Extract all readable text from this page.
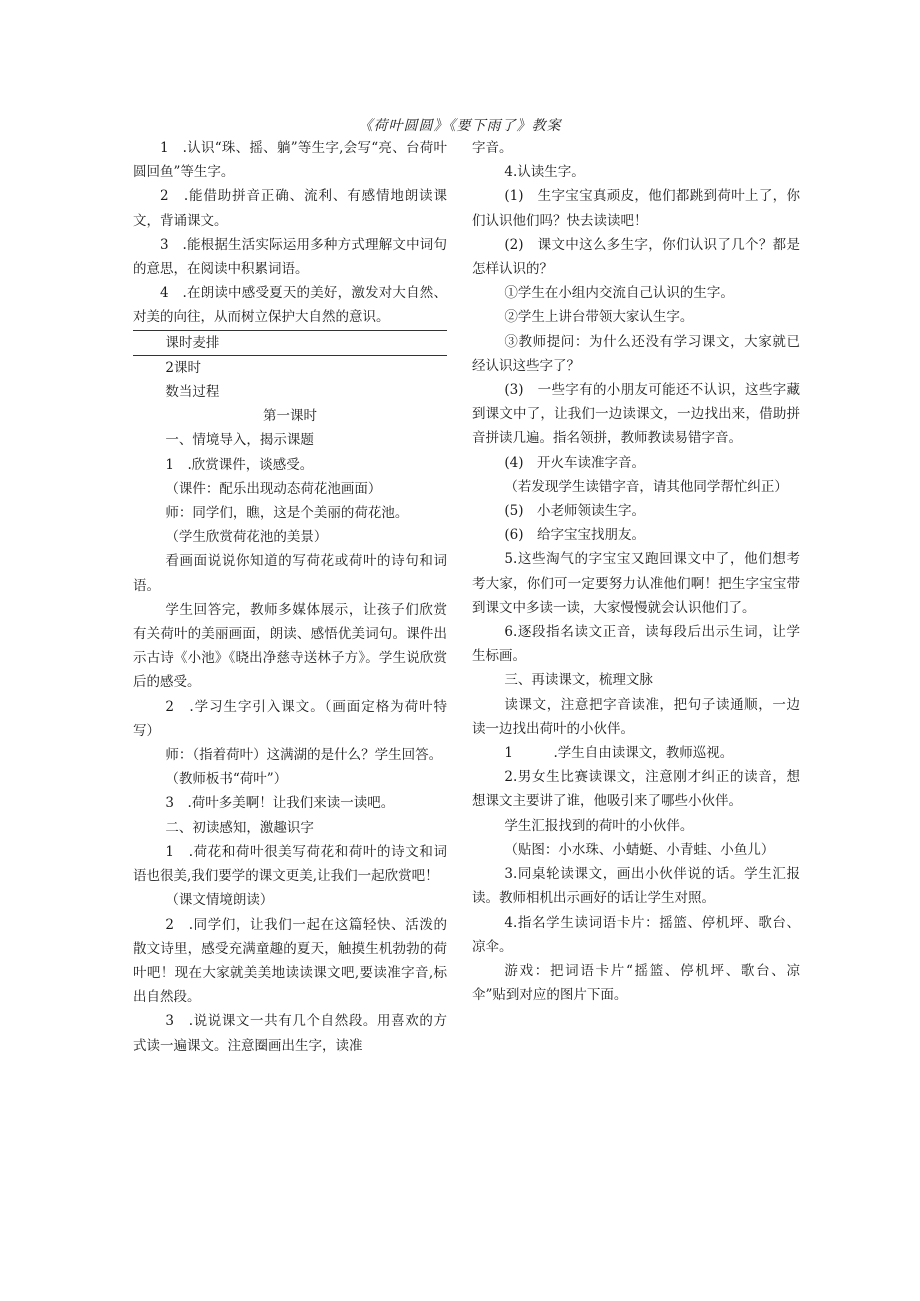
《荷叶圆圆》《要下雨了》教案

1　.认识“珠、摇、躺”等生字,会写“亮、台荷叶圆回鱼”等生字。

2　.能借助拼音正确、流利、有感情地朗读课文，背诵课文。

3　.能根据生活实际运用多种方式理解文中词句的意思，在阅读中积累词语。

4　.在朗读中感受夏天的美好，激发对大自然、对美的向往，从而树立保护大自然的意识。

课时麦排

2课时

数当过程

第一课时

一、情境导入，揭示课题

1　.欣赏课件，谈感受。

（课件：配乐出现动态荷花池画面）

师：同学们，瞧，这是个美丽的荷花池。

（学生欣赏荷花池的美景）

看画面说说你知道的写荷花或荷叶的诗句和词语。

学生回答完，教师多媒体展示，让孩子们欣赏有关荷叶的美丽画面，朗读、感悟优美词句。课件出示古诗《小池》《晓出净慈寺送林子方》。学生说欣赏后的感受。

2　.学习生字引入课文。（画面定格为荷叶特写）

师：（指着荷叶）这满湖的是什么？学生回答。

（教师板书“荷叶”）

3　.荷叶多美啊！让我们来读一读吧。

二、初读感知，激趣识字

1　.荷花和荷叶很美写荷花和荷叶的诗文和词语也很美,我们要学的课文更美,让我们一起欣赏吧！

（课文情境朗读）

2　.同学们，让我们一起在这篇轻快、活泼的散文诗里，感受充满童趣的夏天，触摸生机勃勃的荷叶吧！现在大家就美美地读读课文吧,要读准字音,标出自然段。

3　.说说课文一共有几个自然段。用喜欢的方式读一遍课文。注意圈画出生字，读准

字音。

4.认读生字。

(1)　生字宝宝真顽皮，他们都跳到荷叶上了，你们认识他们吗？快去读读吧！

(2)　课文中这么多生字，你们认识了几个？都是怎样认识的？

①学生在小组内交流自己认识的生字。

②学生上讲台带领大家认生字。

③教师提问：为什么还没有学习课文，大家就已经认识这些字了？

(3)　一些字有的小朋友可能还不认识，这些字藏到课文中了，让我们一边读课文，一边找出来，借助拼音拼读几遍。指名领拼，教师教读易错字音。

(4)　开火车读准字音。

（若发现学生读错字音，请其他同学帮忙纠正）

(5)　小老师领读生字。

(6)　给字宝宝找朋友。

5.这些淘气的字宝宝又跑回课文中了，他们想考考大家，你们可一定要努力认准他们啊！把生字宝宝带到课文中多读一读，大家慢慢就会认识他们了。

6.逐段指名读文正音，读每段后出示生词，让学生标画。

三、再读课文，梳理文脉

读课文，注意把字音读准，把句子读通顺，一边读一边找出荷叶的小伙伴。

1　　　.学生自由读课文，教师巡视。

2.男女生比赛读课文，注意刚才纠正的读音，想想课文主要讲了谁，他吸引来了哪些小伙伴。

学生汇报找到的荷叶的小伙伴。

（贴图：小水珠、小蜻蜓、小青蛙、小鱼儿）

3.同桌轮读课文，画出小伙伴说的话。学生汇报读。教师相机出示画好的话让学生对照。

4.指名学生读词语卡片：摇篮、停机坪、歌台、凉伞。

游戏：把词语卡片“摇篮、停机坪、歌台、凉伞”贴到对应的图片下面。
